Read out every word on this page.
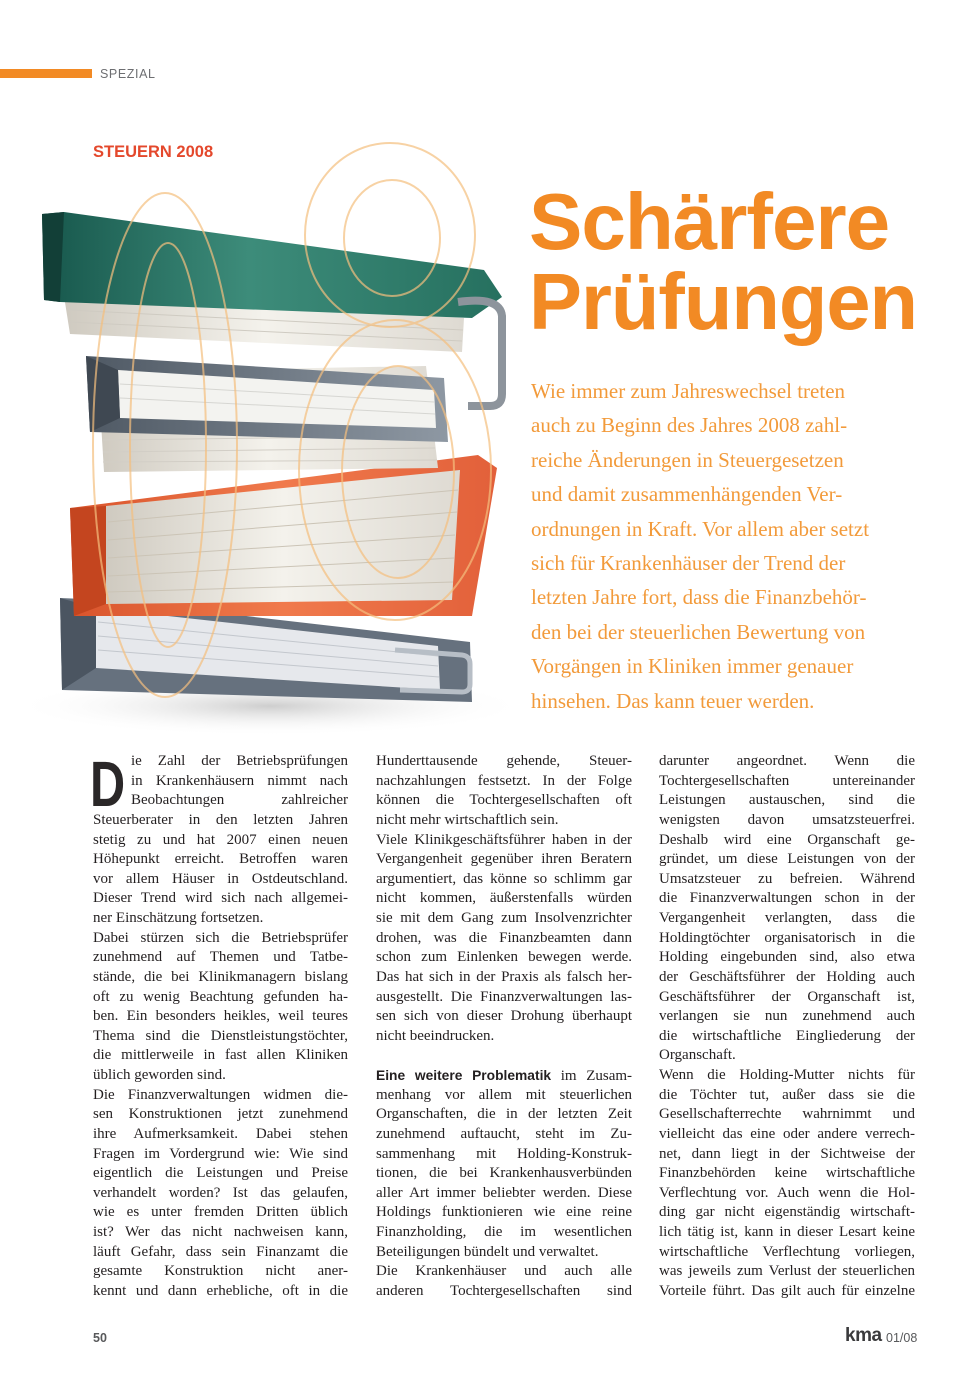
SPEZIAL
STEUERN 2008
Schärfere
Prüfungen
Wie immer zum Jahreswechsel treten
auch zu Beginn des Jahres 2008 zahl-
reiche Änderungen in Steuergesetzen
und damit zusammenhängenden Ver-
ordnungen in Kraft. Vor allem aber setzt
sich für Krankenhäuser der Trend der
letzten Jahre fort, dass die Finanzbehör-
den bei der steuerlichen Bewertung von
Vorgängen in Kliniken immer genauer
hinsehen. Das kann teuer werden.
D ie Zahl der Betriebsprüfungen
in Krankenhäusern nimmt nach
Beobachtungen zahlreicher
Steuerberater in den letzten Jahren
stetig zu und hat 2007 einen neuen
Höhepunkt erreicht. Betroffen waren
vor allem Häuser in Ostdeutschland.
Dieser Trend wird sich nach allgemei-
ner Einschätzung fortsetzen.
Dabei stürzen sich die Betriebsprüfer
zunehmend auf Themen und Tatbe-
stände, die bei Klinikmanagern bislang
oft zu wenig Beachtung gefunden ha-
ben. Ein besonders heikles, weil teures
Thema sind die Dienstleistungstöchter,
die mittlerweile in fast allen Kliniken
üblich geworden sind.
Die Finanzverwaltungen widmen die-
sen Konstruktionen jetzt zunehmend
ihre Aufmerksamkeit. Dabei stehen
Fragen im Vordergrund wie: Wie sind
eigentlich die Leistungen und Preise
verhandelt worden? Ist das gelaufen,
wie es unter fremden Dritten üblich
ist? Wer das nicht nachweisen kann,
läuft Gefahr, dass sein Finanzamt die
gesamte Konstruktion nicht aner-
kennt und dann erhebliche, oft in die
Hunderttausende gehende, Steuer-
nachzahlungen festsetzt. In der Folge
können die Tochtergesellschaften oft
nicht mehr wirtschaftlich sein.
Viele Klinikgeschäftsführer haben in der
Vergangenheit gegenüber ihren Beratern
argumentiert, das könne so schlimm gar
nicht kommen, äußerstenfalls würden
sie mit dem Gang zum Insolvenzrichter
drohen, was die Finanzbeamten dann
schon zum Einlenken bewegen werde.
Das hat sich in der Praxis als falsch her-
ausgestellt. Die Finanzverwaltungen las-
sen sich von dieser Drohung überhaupt
nicht beeindrucken.
Eine weitere Problematik im Zusam-
menhang vor allem mit steuerlichen
Organschaften, die in der letzten Zeit
zunehmend auftaucht, steht im Zu-
sammenhang mit Holding-Konstruk-
tionen, die bei Krankenhausverbünden
aller Art immer beliebter werden. Diese
Holdings funktionieren wie eine reine
Finanzholding, die im wesentlichen
Beteiligungen bündelt und verwaltet.
Die Krankenhäuser und auch alle
anderen Tochtergesellschaften sind
darunter angeordnet. Wenn die
Tochtergesellschaften untereinander
Leistungen austauschen, sind die
wenigsten davon umsatzsteuerfrei.
Deshalb wird eine Organschaft ge-
gründet, um diese Leistungen von der
Umsatzsteuer zu befreien. Während
die Finanzverwaltungen schon in der
Vergangenheit verlangten, dass die
Holdingtöchter organisatorisch in die
Holding eingebunden sind, also etwa
der Geschäftsführer der Holding auch
Geschäftsführer der Organschaft ist,
verlangen sie nun zunehmend auch
die wirtschaftliche Eingliederung der
Organschaft.
Wenn die Holding-Mutter nichts für
die Töchter tut, außer dass sie die
Gesellschafterrechte wahrnimmt und
vielleicht das eine oder andere verrech-
net, dann liegt in der Sichtweise der
Finanzbehörden keine wirtschaftliche
Verflechtung vor. Auch wenn die Hol-
ding gar nicht eigenständig wirtschaft-
lich tätig ist, kann in dieser Lesart keine
wirtschaftliche Verflechtung vorliegen,
was jeweils zum Verlust der steuerlichen
Vorteile führt. Das gilt auch für einzelne
50	kma 01/08
